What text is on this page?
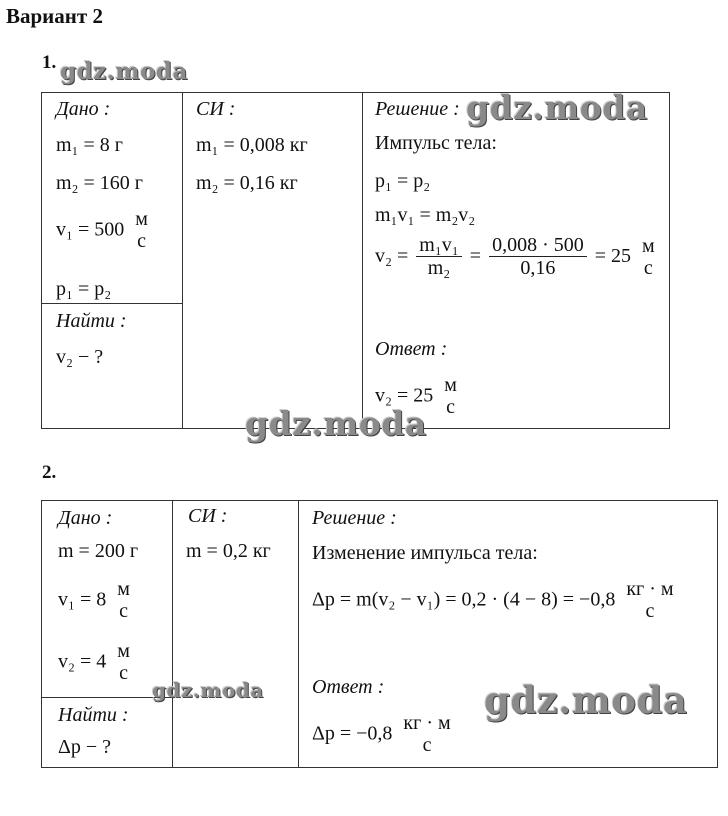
Вариант 2
1.
Дано :
m₁ = 8 г
m₂ = 160 г
v₁ = 500 м
с
p₁ = p₂
Найти :
v₂ − ?
СИ :
m₁ = 0,008 кг
m₂ = 0,16 кг
Решение :
Импульс тела:
p₁ = p₂
m₁v₁ = m₂v₂
$v_2 = \frac{\text{m₁v₁}}{\text{m₂}} = \frac{0,008 \cdot 500}{0,16} = 25$ м
с
Ответ :
v₂ = 25 м
с
2.
Дано :
m = 200 г
v₁ = 8 м
с
v₂ = 4 м
с
Найти :
Δp − ?
СИ :
m = 0,2 кг
Решение :
Изменение импульса тела:
Δp = m(v₂ − v₁) = 0,2 · (4 − 8) = −0,8 кг · м
с
Ответ :
Δp = −0,8 кг · м
с
gdz.moda
gdz.moda
gdz.moda
gdz.moda	gdz.moda
